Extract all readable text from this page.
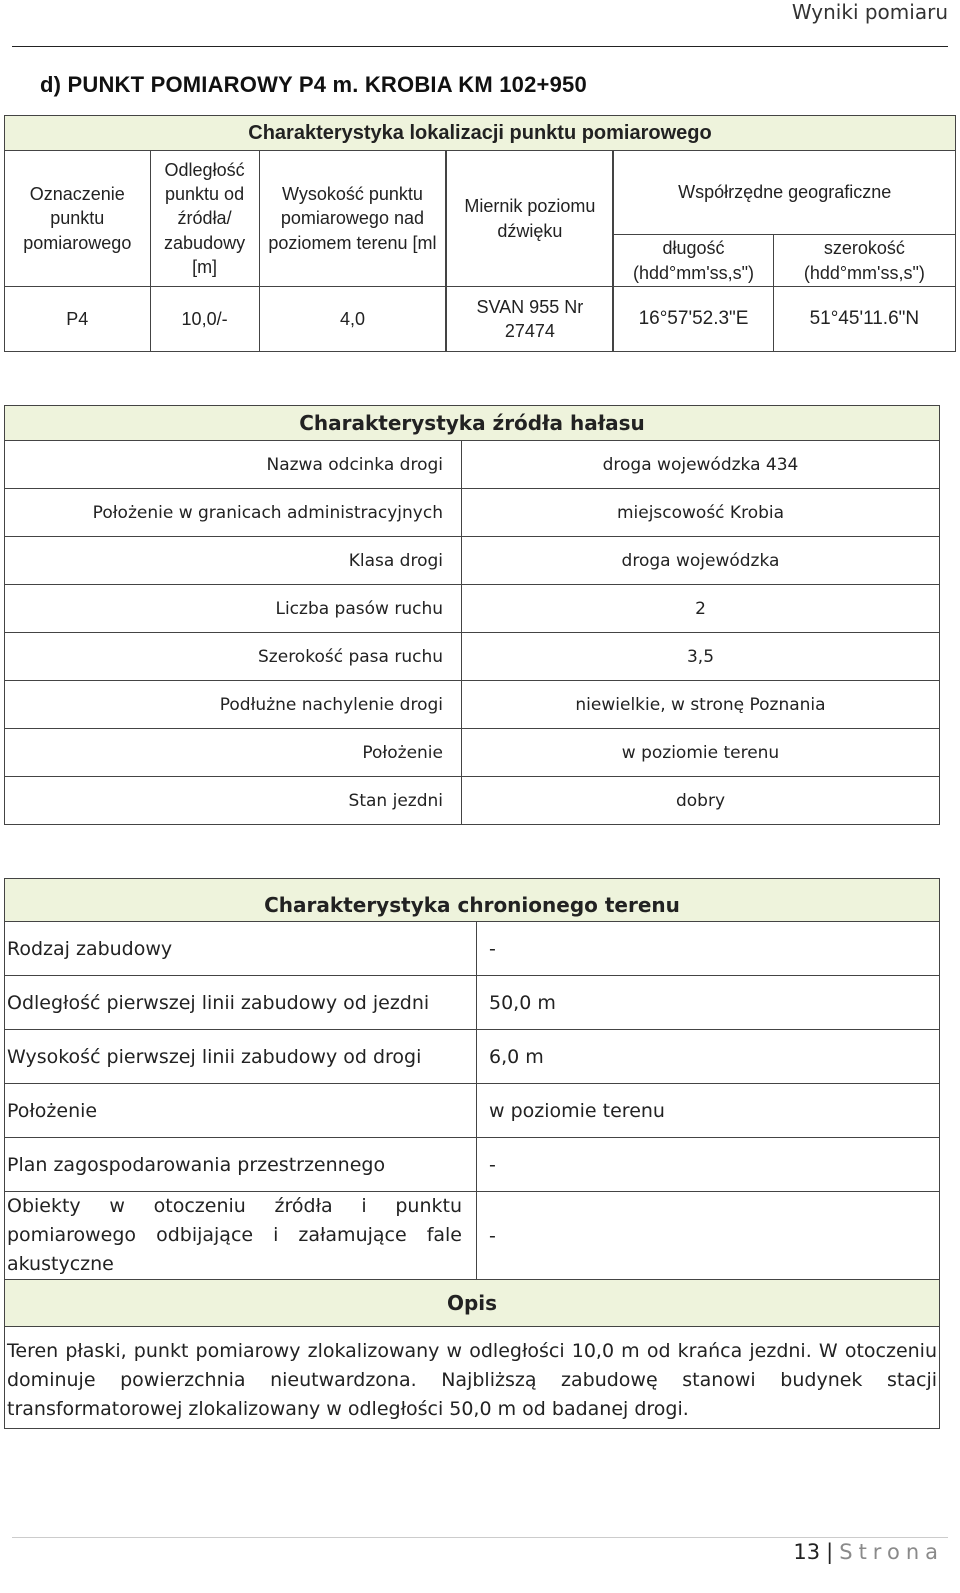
Wyniki pomiaru
d) PUNKT POMIAROWY P4 m. KROBIA KM 102+950
Charakterystyka lokalizacji punktu pomiarowego					
Oznaczenie punktu pomiarowego	Odległość punktu od źródła/ zabudowy [m]	Wysokość punktu pomiarowego nad poziomem terenu [ml	Miernik poziomu dźwięku	Współrzędne geograficzne	
				długość (hdd°mm'ss,s")	szerokość (hdd°mm'ss,s")
P4	10,0/-	4,0	SVAN 955 Nr 27474	16°57'52.3"E	51°45'11.6"N
Charakterystyka źródła hałasu	
Nazwa odcinka drogi	droga wojewódzka 434
Położenie w granicach administracyjnych	miejscowość Krobia
Klasa drogi	droga wojewódzka
Liczba pasów ruchu	2
Szerokość pasa ruchu	3,5
Podłużne nachylenie drogi	niewielkie, w stronę Poznania
Położenie	w poziomie terenu
Stan jezdni	dobry
Charakterystyka chronionego terenu	
Rodzaj zabudowy	-
Odległość pierwszej linii zabudowy od jezdni	50,0 m
Wysokość pierwszej linii zabudowy od drogi	6,0 m
Położenie	w poziomie terenu
Plan zagospodarowania przestrzennego	-
Obiekty w otoczeniu źródła i punktu pomiarowego odbijające i załamujące fale akustyczne	-
Opis	
Teren płaski, punkt pomiarowy zlokalizowany w odległości 10,0 m od krańca jezdni. W otoczeniu dominuje powierzchnia nieutwardzona. Najbliższą zabudowę stanowi budynek stacji transformatorowej zlokalizowany w odległości 50,0 m od badanej drogi.	
13 | Strona
